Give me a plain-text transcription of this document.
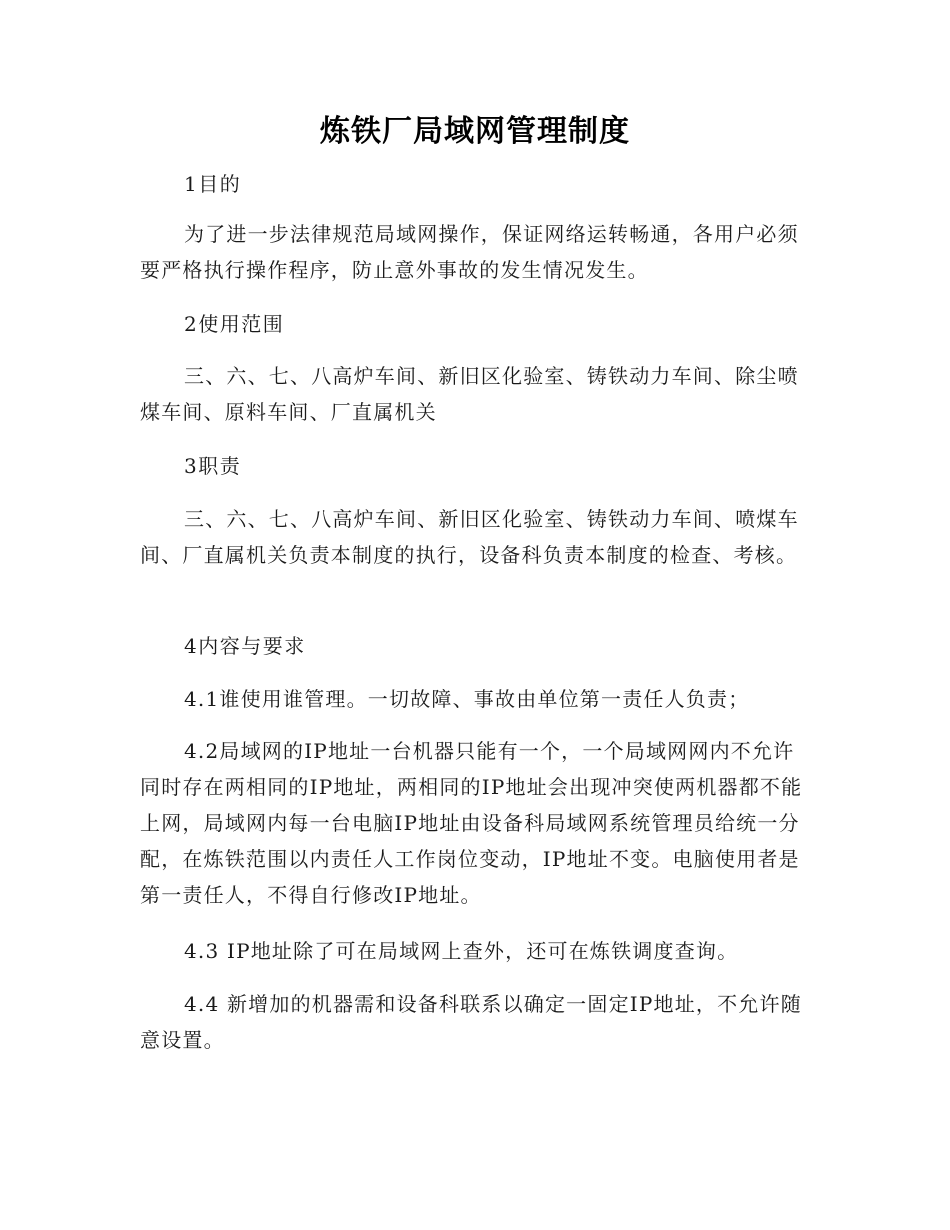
炼铁厂局域网管理制度
1目的
为了进一步法律规范局域网操作，保证网络运转畅通，各用户必须要严格执行操作程序，防止意外事故的发生情况发生。
2使用范围
三、六、七、八高炉车间、新旧区化验室、铸铁动力车间、除尘喷煤车间、原料车间、厂直属机关
3职责
三、六、七、八高炉车间、新旧区化验室、铸铁动力车间、喷煤车间、厂直属机关负责本制度的执行，设备科负责本制度的检查、考核。
4内容与要求
4.1谁使用谁管理。一切故障、事故由单位第一责任人负责；
4.2局域网的IP地址一台机器只能有一个，一个局域网网内不允许同时存在两相同的IP地址，两相同的IP地址会出现冲突使两机器都不能上网，局域网内每一台电脑IP地址由设备科局域网系统管理员给统一分配，在炼铁范围以内责任人工作岗位变动，IP地址不变。电脑使用者是第一责任人，不得自行修改IP地址。
4.3 IP地址除了可在局域网上查外，还可在炼铁调度查询。
4.4 新增加的机器需和设备科联系以确定一固定IP地址，不允许随意设置。
